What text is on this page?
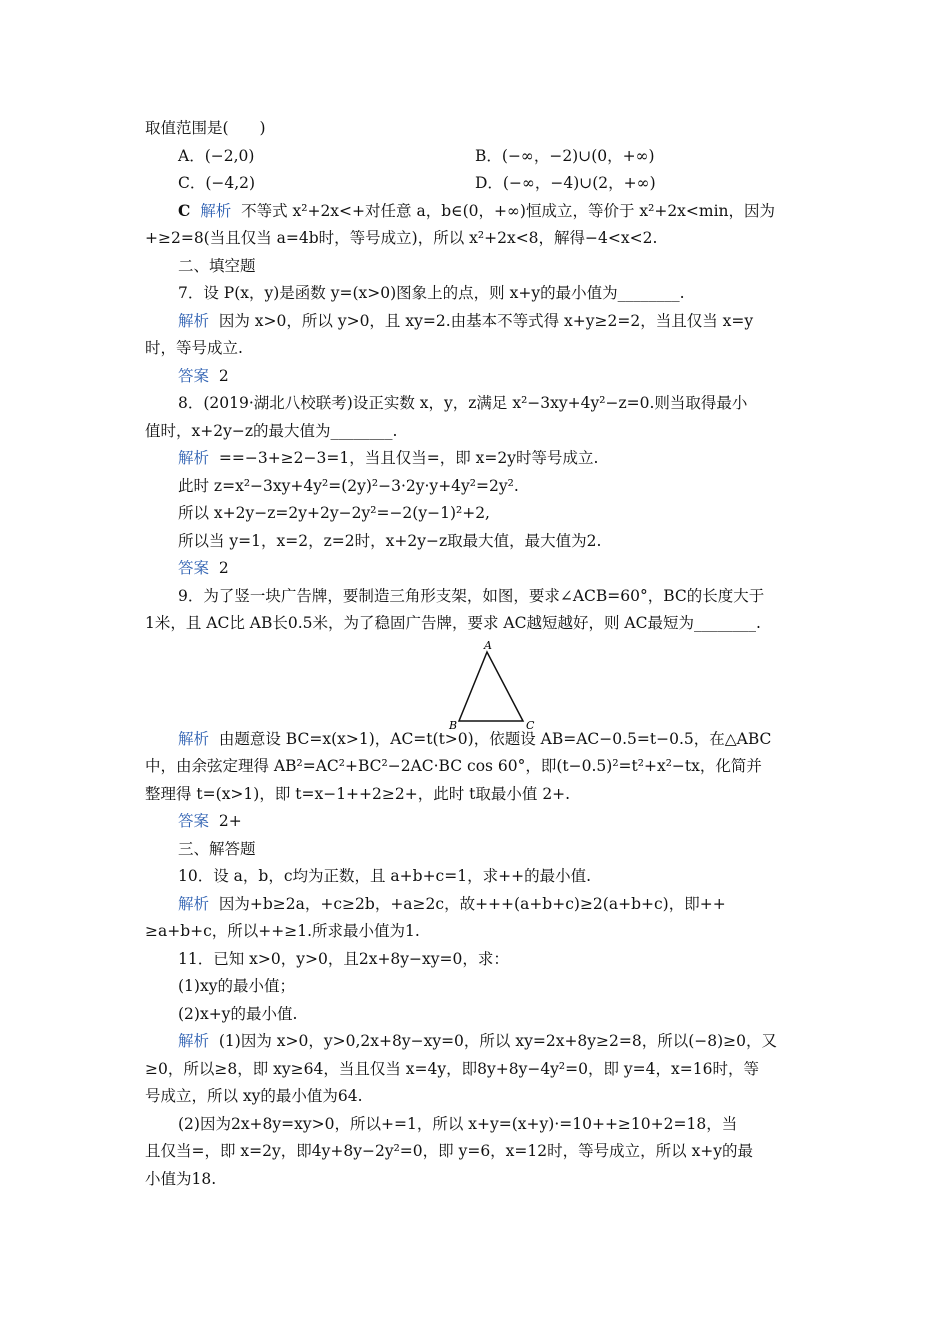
取值范围是(　　)
A．(−2,0)	B．(−∞，−2)∪(0，+∞)
C．(−4,2)	D．(−∞，−4)∪(2，+∞)
C 解析 不等式 x²+2x<+对任意 a，b∈(0，+∞)恒成立，等价于 x²+2x<min，因为
+≥2=8(当且仅当 a=4b时，等号成立)，所以 x²+2x<8，解得−4<x<2.
二、填空题
7．设 P(x，y)是函数 y=(x>0)图象上的点，则 x+y的最小值为________.
解析 因为 x>0，所以 y>0，且 xy=2.由基本不等式得 x+y≥2=2，当且仅当 x=y
时，等号成立.
答案 2
8．(2019·湖北八校联考)设正实数 x，y，z满足 x²−3xy+4y²−z=0.则当取得最小
值时，x+2y−z的最大值为________.
解析 ==−3+≥2−3=1，当且仅当=，即 x=2y时等号成立.
此时 z=x²−3xy+4y²=(2y)²−3·2y·y+4y²=2y².
所以 x+2y−z=2y+2y−2y²=−2(y−1)²+2,
所以当 y=1，x=2，z=2时，x+2y−z取最大值，最大值为2.
答案 2
9．为了竖一块广告牌，要制造三角形支架，如图，要求∠ACB=60°，BC的长度大于
1米，且 AC比 AB长0.5米，为了稳固广告牌，要求 AC越短越好，则 AC最短为________.
A
B	C
解析 由题意设 BC=x(x>1)，AC=t(t>0)，依题设 AB=AC−0.5=t−0.5，在△ABC
中，由余弦定理得 AB²=AC²+BC²−2AC·BC cos 60°，即(t−0.5)²=t²+x²−tx，化简并
整理得 t=(x>1)，即 t=x−1++2≥2+，此时 t取最小值 2+.
答案 2+
三、解答题
10．设 a，b，c均为正数，且 a+b+c=1，求++的最小值.
解析 因为+b≥2a，+c≥2b，+a≥2c，故+++(a+b+c)≥2(a+b+c)，即++
≥a+b+c，所以++≥1.所求最小值为1.
11．已知 x>0，y>0，且2x+8y−xy=0，求：
(1)xy的最小值；
(2)x+y的最小值.
解析 (1)因为 x>0，y>0,2x+8y−xy=0，所以 xy=2x+8y≥2=8，所以(−8)≥0，又
≥0，所以≥8，即 xy≥64，当且仅当 x=4y，即8y+8y−4y²=0，即 y=4，x=16时，等
号成立，所以 xy的最小值为64.
(2)因为2x+8y=xy>0，所以+=1，所以 x+y=(x+y)·=10++≥10+2=18，当
且仅当=，即 x=2y，即4y+8y−2y²=0，即 y=6，x=12时，等号成立，所以 x+y的最
小值为18.
